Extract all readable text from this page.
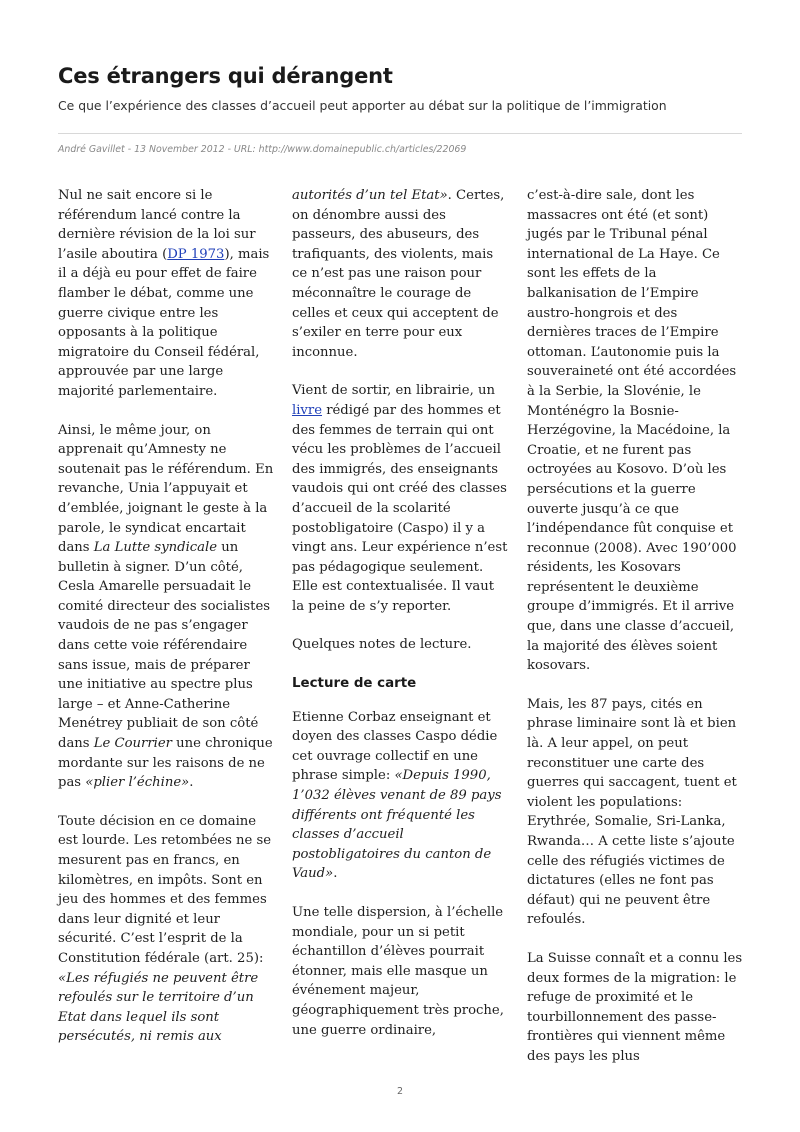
Ces étrangers qui dérangent

Ce que l’expérience des classes d’accueil peut apporter au débat sur la politique de l’immigration

André Gavillet - 13 November 2012 - URL: http://www.domainepublic.ch/articles/22069

Nul ne sait encore si le référendum lancé contre la dernière révision de la loi sur l’asile aboutira (DP 1973), mais il a déjà eu pour effet de faire flamber le débat, comme une guerre civique entre les opposants à la politique migratoire du Conseil fédéral, approuvée par une large majorité parlementaire.

Ainsi, le même jour, on apprenait qu’Amnesty ne soutenait pas le référendum. En revanche, Unia l’appuyait et d’emblée, joignant le geste à la parole, le syndicat encartait dans La Lutte syndicale un bulletin à signer. D’un côté, Cesla Amarelle persuadait le comité directeur des socialistes vaudois de ne pas s’engager dans cette voie référendaire sans issue, mais de préparer une initiative au spectre plus large – et Anne-Catherine Menétrey publiait de son côté dans Le Courrier une chronique mordante sur les raisons de ne pas «plier l’échine».

Toute décision en ce domaine est lourde. Les retombées ne se mesurent pas en francs, en kilomètres, en impôts. Sont en jeu des hommes et des femmes dans leur dignité et leur sécurité. C’est l’esprit de la Constitution fédérale (art. 25): «Les réfugiés ne peuvent être refoulés sur le territoire d’un Etat dans lequel ils sont persécutés, ni remis aux

autorités d’un tel Etat». Certes, on dénombre aussi des passeurs, des abuseurs, des trafiquants, des violents, mais ce n’est pas une raison pour méconnaître le courage de celles et ceux qui acceptent de s’exiler en terre pour eux inconnue.

Vient de sortir, en librairie, un livre rédigé par des hommes et des femmes de terrain qui ont vécu les problèmes de l’accueil des immigrés, des enseignants vaudois qui ont créé des classes d’accueil de la scolarité postobligatoire (Caspo) il y a vingt ans. Leur expérience n’est pas pédagogique seulement. Elle est contextualisée. Il vaut la peine de s’y reporter.

Quelques notes de lecture.

Lecture de carte

Etienne Corbaz enseignant et doyen des classes Caspo dédie cet ouvrage collectif en une phrase simple: «Depuis 1990, 1’032 élèves venant de 89 pays différents ont fréquenté les classes d’accueil postobligatoires du canton de Vaud».

Une telle dispersion, à l’échelle mondiale, pour un si petit échantillon d’élèves pourrait étonner, mais elle masque un événement majeur, géographiquement très proche, une guerre ordinaire,

c’est-à-dire sale, dont les massacres ont été (et sont) jugés par le Tribunal pénal international de La Haye. Ce sont les effets de la balkanisation de l’Empire austro-hongrois et des dernières traces de l’Empire ottoman. L’autonomie puis la souveraineté ont été accordées à la Serbie, la Slovénie, le Monténégro la Bosnie-Herzégovine, la Macédoine, la Croatie, et ne furent pas octroyées au Kosovo. D’où les persécutions et la guerre ouverte jusqu’à ce que l’indépendance fût conquise et reconnue (2008). Avec 190’000 résidents, les Kosovars représentent le deuxième groupe d’immigrés. Et il arrive que, dans une classe d’accueil, la majorité des élèves soient kosovars.

Mais, les 87 pays, cités en phrase liminaire sont là et bien là. A leur appel, on peut reconstituer une carte des guerres qui saccagent, tuent et violent les populations: Erythrée, Somalie, Sri-Lanka, Rwanda… A cette liste s’ajoute celle des réfugiés victimes de dictatures (elles ne font pas défaut) qui ne peuvent être refoulés.

La Suisse connaît et a connu les deux formes de la migration: le refuge de proximité et le tourbillonnement des passe-frontières qui viennent même des pays les plus

2
